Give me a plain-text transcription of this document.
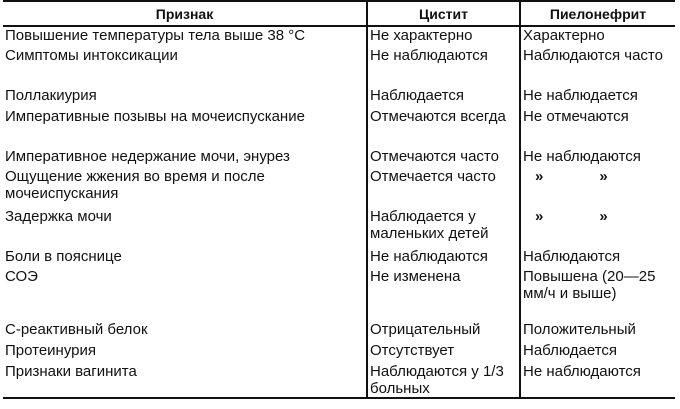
Признак	Цистит	Пиелонефрит
Повышение температуры тела выше 38 °С	Не характерно	Характерно
Симптомы интоксикации	Не наблюдаются	Наблюдаются часто
Поллакиурия	Наблюдается	Не наблюдается
Императивные позывы на мочеиспускание	Отмечаются всегда	Не отмечаются
Императивное недержание мочи, энурез	Отмечаются часто	Не наблюдаются
Ощущение жжения во время и после мочеиспускания	Отмечается часто	» »
Задержка мочи	Наблюдается у маленьких детей	» »
Боли в пояснице	Не наблюдаются	Наблюдаются
СОЭ	Не изменена	Повышена (20—25 мм/ч и выше)
С-реактивный белок	Отрицательный	Положительный
Протеинурия	Отсутствует	Наблюдается
Признаки вагинита	Наблюдаются у 1/3 больных	Не наблюдаются
